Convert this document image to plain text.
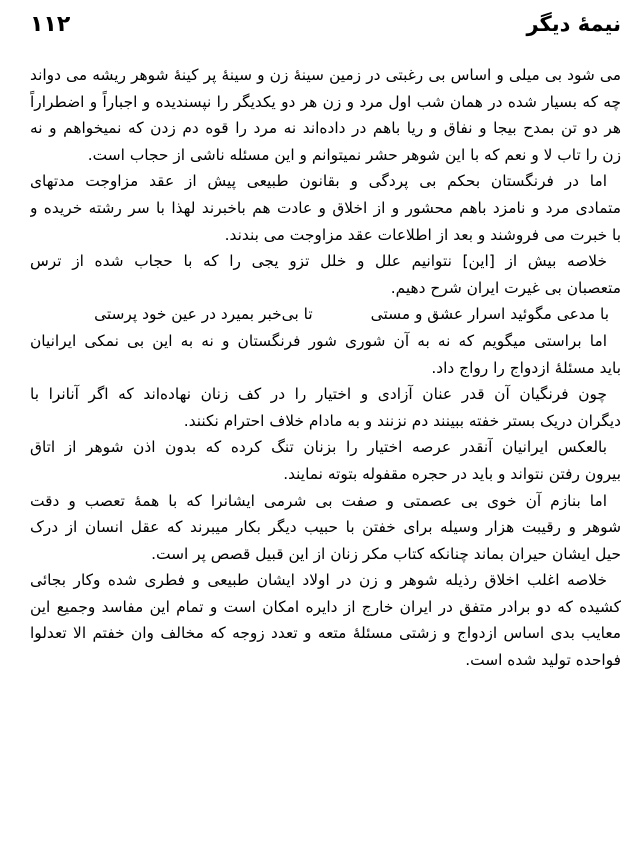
نیمهٔ دیگر
۱۱۲
می شود بی میلی و اساس بی رغبتی در زمین سینهٔ زن و سینهٔ پر کینهٔ شوهر ریشه می دواند
چه که بسیار شده در همان شب اول مرد و زن هر دو یکدیگر را نپسندیده و اجباراً و اضطراراً
هر دو تن بمدح بیجا و نفاق و ریا باهم در داده‌اند نه مرد را قوه دم زدن که نمیخواهم و نه
زن را تاب لا و نعم که با این شوهر حشر نمیتوانم و این مسئله ناشی از حجاب است.
اما در فرنگستان بحکم بی پردگی و بقانون طبیعی پیش از عقد مزاوجت مدتهای
متمادی مرد و نامزد باهم محشور و از اخلاق و عادت هم باخبرند لهذا با سر رشته خریده و
با خبرت می فروشند و بعد از اطلاعات عقد مزاوجت می بندند.
خلاصه بیش از [این] نتوانیم علل و خلل تزو یجی را که با حجاب شده از ترس
متعصبان بی غیرت ایران شرح دهیم.
با مدعی مگوئید اسرار عشق و مستی
تا بی‌خبر بمیرد در عین خود پرستی
اما براستی میگویم که نه به آن شوری شور فرنگستان و نه به این بی نمکی ایرانیان
باید مسئلهٔ ازدواج را رواج داد.
چون فرنگیان آن قدر عنان آزادی و اختیار را در کف زنان نهاده‌اند که اگر آنانرا با
دیگران دریک بستر خفته ببینند دم نزنند و به مادام خلاف احترام نکنند.
بالعکس ایرانیان آنقدر عرصه اختیار را بزنان تنگ کرده که بدون اذن شوهر از اتاق
بیرون رفتن نتواند و باید در حجره مقفوله بتوته نمایند.
اما بنازم آن خوی بی عصمتی و صفت بی شرمی ایشانرا که با همهٔ تعصب و دقت
شوهر و رقیبت هزار وسیله برای خفتن با حبیب دیگر بکار میبرند که عقل انسان از درک
حیل ایشان حیران بماند چنانکه کتاب مکر زنان از این قبیل قصص پر است.
خلاصه اغلب اخلاق رذیله شوهر و زن در اولاد ایشان طبیعی و فطری شده وکار بجائی
کشیده که دو برادر متفق در ایران خارج از دایره امکان است و تمام این مفاسد وجمیع این
معایب بدی اساس ازدواج و زشتی مسئلهٔ متعه و تعدد زوجه که مخالف وان خفتم الا تعدلوا
فواحده تولید شده است.
